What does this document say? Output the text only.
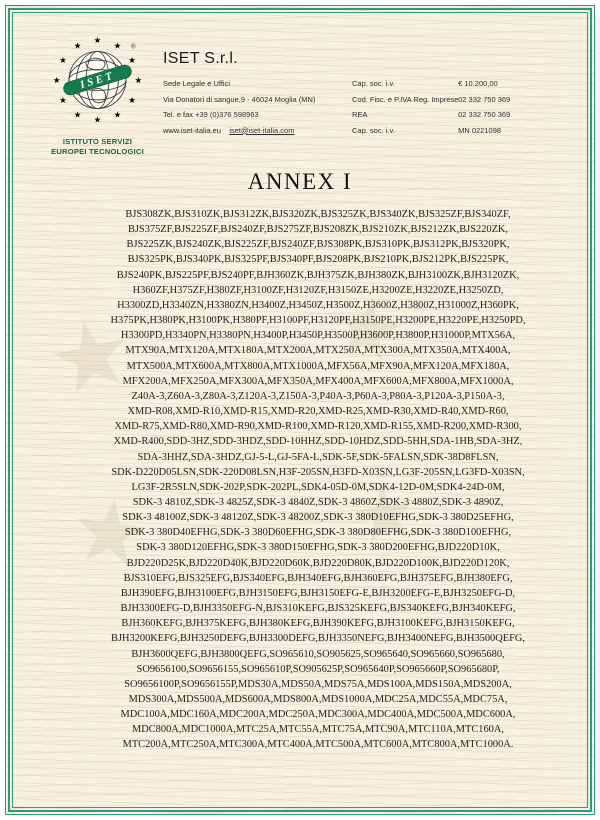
★ ★
★ ★
★
★
★
★
★
★
★
★
★
★
★
★
ISET
®
ISTITUTO SERVIZI
EUROPEI TECNOLOGICI
ISET S.r.l.
Sede Legale e Uffici
Via Donatori di sangue,9 - 46024 Moglia (MN)
Tel. e fax +39 (0)376 598963
www.iset-italia.eu iset@iset-italia.com
Cap. soc. i.v.	€ 10.200,00
Cod. Fisc. e P.IVA Reg. Imprese 02 332 750 369
REA	02 332 750 369
Cap. soc. i.v.	MN 0221098
ANNEX I
BJS308ZK,BJS310ZK,BJS312ZK,BJS320ZK,BJS325ZK,BJS340ZK,BJS325ZF,BJS340ZF,
BJS375ZF,BJS225ZF,BJS240ZF,BJS275ZF,BJS208ZK,BJS210ZK,BJS212ZK,BJS220ZK,
BJS225ZK,BJS240ZK,BJS225ZF,BJS240ZF,BJS308PK,BJS310PK,BJS312PK,BJS320PK,
BJS325PK,BJS340PK,BJS325PF,BJS340PF,BJS208PK,BJS210PK,BJS212PK,BJS225PK,
BJS240PK,BJS225PF,BJS240PF,BJH360ZK,BJH375ZK,BJH380ZK,BJH3100ZK,BJH3120ZK,
H360ZF,H375ZF,H380ZF,H3100ZF,H3120ZF,H3150ZE,H3200ZE,H3220ZE,H3250ZD,
H3300ZD,H3340ZN,H3380ZN,H3400Z,H3450Z,H3500Z,H3600Z,H3800Z,H31000Z,H360PK,
H375PK,H380PK,H3100PK,H380PF,H3100PF,H3120PF,H3150PE,H3200PE,H3220PE,H3250PD,
H3300PD,H3340PN,H3380PN,H3400P,H3450P,H3500P,H3600P,H3800P,H31000P,MTX56A,
MTX90A,MTX120A,MTX180A,MTX200A,MTX250A,MTX300A,MTX350A,MTX400A,
MTX500A,MTX600A,MTX800A,MTX1000A,MFX56A,MFX90A,MFX120A,MFX180A,
MFX200A,MFX250A,MFX300A,MFX350A,MFX400A,MFX600A,MFX800A,MFX1000A,
Z40A-3,Z60A-3,Z80A-3,Z120A-3,Z150A-3,P40A-3,P60A-3,P80A-3,P120A-3,P150A-3,
XMD-R08,XMD-R10,XMD-R15,XMD-R20,XMD-R25,XMD-R30,XMD-R40,XMD-R60,
XMD-R75,XMD-R80,XMD-R90,XMD-R100,XMD-R120,XMD-R155,XMD-R200,XMD-R300,
XMD-R400,SDD-3HZ,SDD-3HDZ,SDD-10HHZ,SDD-10HDZ,SDD-5HH,SDA-1HB,SDA-3HZ,
SDA-3HHZ,SDA-3HDZ,GJ-5-L,GJ-5FA-L,SDK-5F,SDK-5FALSN,SDK-38D8FLSN,
SDK-D220D05LSN,SDK-220D08LSN,H3F-205SN,H3FD-X03SN,LG3F-205SN,LG3FD-X03SN,
LG3F-2R5SLN,SDK-202P,SDK-202PL,SDK4-05D-0M,SDK4-12D-0M,SDK4-24D-0M,
SDK-3 4810Z,SDK-3 4825Z,SDK-3 4840Z,SDK-3 4860Z,SDK-3 4880Z,SDK-3 4890Z,
SDK-3 48100Z,SDK-3 48120Z,SDK-3 48200Z,SDK-3 380D10EFHG,SDK-3 380D25EFHG,
SDK-3 380D40EFHG,SDK-3 380D60EFHG,SDK-3 380D80EFHG,SDK-3 380D100EFHG,
SDK-3 380D120EFHG,SDK-3 380D150EFHG,SDK-3 380D200EFHG,BJD220D10K,
BJD220D25K,BJD220D40K,BJD220D60K,BJD220D80K,BJD220D100K,BJD220D120K,
BJS310EFG,BJS325EFG,BJS340EFG,BJH340EFG,BJH360EFG,BJH375EFG,BJH380EFG,
BJH390EFG,BJH3100EFG,BJH3150EFG,BJH3150EFG-E,BJH3200EFG-E,BJH3250EFG-D,
BJH3300EFG-D,BJH3350EFG-N,BJS310KEFG,BJS325KEFG,BJS340KEFG,BJH340KEFG,
BJH360KEFG,BJH375KEFG,BJH380KEFG,BJH390KEFG,BJH3100KEFG,BJH3150KEFG,
BJH3200KEFG,BJH3250DEFG,BJH3300DEFG,BJH3350NEFG,BJH3400NEFG,BJH3500QEFG,
BJH3600QEFG,BJH3800QEFG,SO965610,SO905625,SO965640,SO965660,SO965680,
SO9656100,SO9656155,SO965610P,SO905625P,SO965640P,SO965660P,SO965680P,
SO9656100P,SO9656155P,MDS30A,MDS50A,MDS75A,MDS100A,MDS150A,MDS200A,
MDS300A,MDS500A,MDS600A,MDS800A,MDS1000A,MDC25A,MDC55A,MDC75A,
MDC100A,MDC160A,MDC200A,MDC250A,MDC300A,MDC400A,MDC500A,MDC600A,
MDC800A,MDC1000A,MTC25A,MTC55A,MTC75A,MTC90A,MTC110A,MTC160A,
MTC200A,MTC250A,MTC300A,MTC400A,MTC500A,MTC600A,MTC800A,MTC1000A.
